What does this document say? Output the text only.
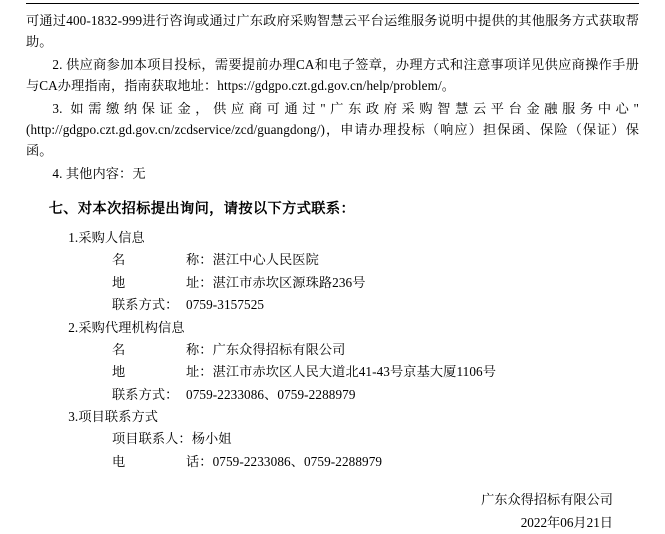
可通过400-1832-999进行咨询或通过广东政府采购智慧云平台运维服务说明中提供的其他服务方式获取帮助。

2. 供应商参加本项目投标，需要提前办理CA和电子签章，办理方式和注意事项详见供应商操作手册与CA办理指南，指南获取地址：https://gdgpo.czt.gd.gov.cn/help/problem/。

3. 如需缴纳保证金，供应商可通过"广东政府采购智慧云平台金融服务中心"(http://gdgpo.czt.gd.gov.cn/zcdservice/zcd/guangdong/)，申请办理投标（响应）担保函、保险（保证）保函。

4. 其他内容：无

七、对本次招标提出询问，请按以下方式联系：

1.采购人信息

名	称： 湛江中心人民医院

地	址： 湛江市赤坎区源珠路236号

联系方式： 0759-3157525

2.采购代理机构信息

名	称： 广东众得招标有限公司

地	址： 湛江市赤坎区人民大道北41-43号京基大厦1106号

联系方式： 0759-2233086、0759-2288979

3.项目联系方式

项目联系人： 杨小姐

电	话： 0759-2233086、0759-2288979

广东众得招标有限公司
2022年06月21日
